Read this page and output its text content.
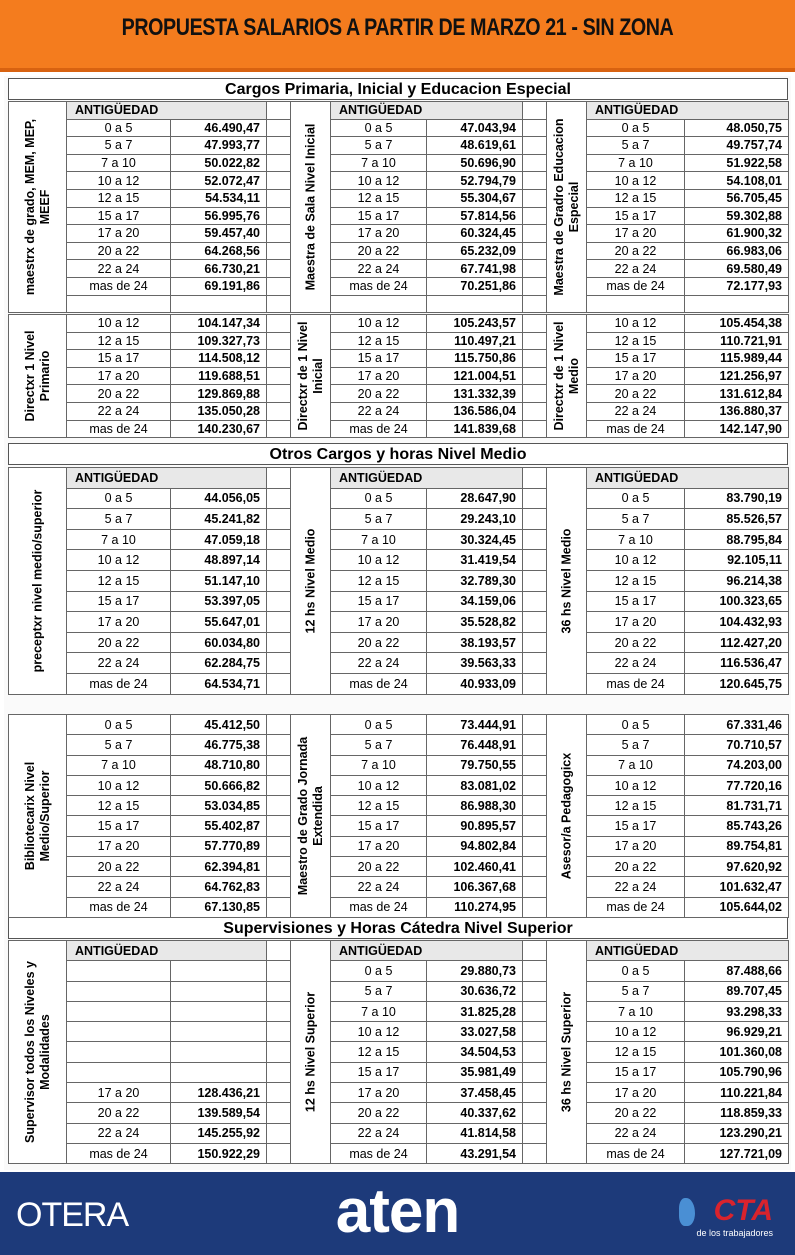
PROPUESTA SALARIOS A PARTIR DE MARZO 21 - SIN ZONA
Cargos Primaria, Inicial y Educacion Especial
Otros Cargos y horas Nivel Medio
Supervisiones y Horas Cátedra Nivel Superior
maestrx de grado, MEM, MEP, MEEF	ANTIGÜEDAD			Maestra de Sala Nivel Inicial	ANTIGÜEDAD			Maestra de Gradro Educacion Especial	ANTIGÜEDAD	
	0 a 5	46.490,47			0 a 5	47.043,94			0 a 5	48.050,75
	5 a 7	47.993,77			5 a 7	48.619,61			5 a 7	49.757,74
	7 a 10	50.022,82			7 a 10	50.696,90			7 a 10	51.922,58
	10 a 12	52.072,47			10 a 12	52.794,79			10 a 12	54.108,01
	12 a 15	54.534,11			12 a 15	55.304,67			12 a 15	56.705,45
	15 a 17	56.995,76			15 a 17	57.814,56			15 a 17	59.302,88
	17 a 20	59.457,40			17 a 20	60.324,45			17 a 20	61.900,32
	20 a 22	64.268,56			20 a 22	65.232,09			20 a 22	66.983,06
	22 a 24	66.730,21			22 a 24	67.741,98			22 a 24	69.580,49
	mas de 24	69.191,86			mas de 24	70.251,86			mas de 24	72.177,93

Directxr 1 Nivel Primario	10 a 12	104.147,34		Directxr de 1 Nivel Inicial	10 a 12	105.243,57		Directxr de 1 Nivel Medio	10 a 12	105.454,38
	12 a 15	109.327,73			12 a 15	110.497,21			12 a 15	110.721,91
	15 a 17	114.508,12			15 a 17	115.750,86			15 a 17	115.989,44
	17 a 20	119.688,51			17 a 20	121.004,51			17 a 20	121.256,97
	20 a 22	129.869,88			20 a 22	131.332,39			20 a 22	131.612,84
	22 a 24	135.050,28			22 a 24	136.586,04			22 a 24	136.880,37
	mas de 24	140.230,67			mas de 24	141.839,68			mas de 24	142.147,90
preceptxr nivel medio/superior	ANTIGÜEDAD			12 hs Nivel Medio	ANTIGÜEDAD			36 hs Nivel Medio	ANTIGÜEDAD	
	0 a 5	44.056,05			0 a 5	28.647,90			0 a 5	83.790,19
	5 a 7	45.241,82			5 a 7	29.243,10			5 a 7	85.526,57
	7 a 10	47.059,18			7 a 10	30.324,45			7 a 10	88.795,84
	10 a 12	48.897,14			10 a 12	31.419,54			10 a 12	92.105,11
	12 a 15	51.147,10			12 a 15	32.789,30			12 a 15	96.214,38
	15 a 17	53.397,05			15 a 17	34.159,06			15 a 17	100.323,65
	17 a 20	55.647,01			17 a 20	35.528,82			17 a 20	104.432,93
	20 a 22	60.034,80			20 a 22	38.193,57			20 a 22	112.427,20
	22 a 24	62.284,75			22 a 24	39.563,33			22 a 24	116.536,47
	mas de 24	64.534,71			mas de 24	40.933,09			mas de 24	120.645,75
Bibliotecarix Nivel Medio/Superior	0 a 5	45.412,50		Maestro de Grado Jornada Extendida	0 a 5	73.444,91		Asesor/a Pedagogicx	0 a 5	67.331,46
	5 a 7	46.775,38			5 a 7	76.448,91			5 a 7	70.710,57
	7 a 10	48.710,80			7 a 10	79.750,55			7 a 10	74.203,00
	10 a 12	50.666,82			10 a 12	83.081,02			10 a 12	77.720,16
	12 a 15	53.034,85			12 a 15	86.988,30			12 a 15	81.731,71
	15 a 17	55.402,87			15 a 17	90.895,57			15 a 17	85.743,26
	17 a 20	57.770,89			17 a 20	94.802,84			17 a 20	89.754,81
	20 a 22	62.394,81			20 a 22	102.460,41			20 a 22	97.620,92
	22 a 24	64.762,83			22 a 24	106.367,68			22 a 24	101.632,47
	mas de 24	67.130,85			mas de 24	110.274,95			mas de 24	105.644,02
Supervisor todos los Niveles y Modalidades	ANTIGÜEDAD			12 hs Nivel Superior	ANTIGÜEDAD			36 hs Nivel Superior	ANTIGÜEDAD	
					0 a 5	29.880,73			0 a 5	87.488,66
					5 a 7	30.636,72			5 a 7	89.707,45
					7 a 10	31.825,28			7 a 10	93.298,33
					10 a 12	33.027,58			10 a 12	96.929,21
					12 a 15	34.504,53			12 a 15	101.360,08
					15 a 17	35.981,49			15 a 17	105.790,96
	17 a 20	128.436,21			17 a 20	37.458,45			17 a 20	110.221,84
	20 a 22	139.589,54			20 a 22	40.337,62			20 a 22	118.859,33
	22 a 24	145.255,92			22 a 24	41.814,58			22 a 24	123.290,21
	mas de 24	150.922,29			mas de 24	43.291,54			mas de 24	127.721,09
OTERA	aten	CTA
de los trabajadores
